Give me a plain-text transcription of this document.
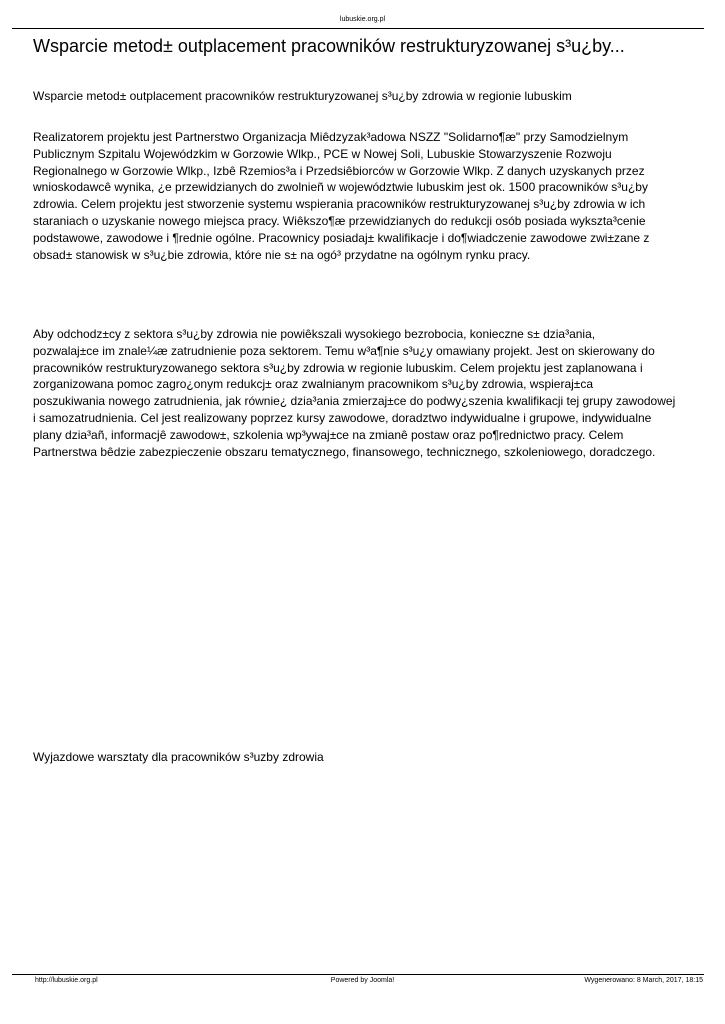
lubuskie.org.pl
Wsparcie metod± outplacement pracowników restrukturyzowanej s³u¿by...

Wsparcie metod± outplacement pracowników restrukturyzowanej s³u¿by zdrowia w regionie lubuskim

Realizatorem projektu jest Partnerstwo Organizacja Miêdzyzak³adowa NSZZ "Solidarno¶æ" przy Samodzielnym
Publicznym Szpitalu Wojewódzkim w Gorzowie Wlkp., PCE w Nowej Soli, Lubuskie Stowarzyszenie Rozwoju
Regionalnego w Gorzowie Wlkp., Izbê Rzemios³a i Przedsiêbiorców w Gorzowie Wlkp. Z danych uzyskanych przez
wnioskodawcê wynika, ¿e przewidzianych do zwolnieñ w województwie lubuskim jest ok. 1500 pracowników s³u¿by
zdrowia. Celem projektu jest stworzenie systemu wspierania pracowników restrukturyzowanej s³u¿by zdrowia w ich
staraniach o uzyskanie nowego miejsca pracy. Wiêkszo¶æ przewidzianych do redukcji osób posiada wykszta³cenie
podstawowe, zawodowe i ¶rednie ogólne. Pracownicy posiadaj± kwalifikacje i do¶wiadczenie zawodowe zwi±zane z
obsad± stanowisk w s³u¿bie zdrowia, które nie s± na ogó³ przydatne na ogólnym rynku pracy.
Aby odchodz±cy z sektora s³u¿by zdrowia nie powiêkszali wysokiego bezrobocia, konieczne s± dzia³ania,
pozwalaj±ce im znale¼æ zatrudnienie poza sektorem. Temu w³a¶nie s³u¿y omawiany projekt. Jest on skierowany do
pracowników restrukturyzowanego sektora s³u¿by zdrowia w regionie lubuskim. Celem projektu jest zaplanowana i
zorganizowana pomoc zagro¿onym redukcj± oraz zwalnianym pracownikom s³u¿by zdrowia, wspieraj±ca
poszukiwania nowego zatrudnienia, jak równie¿ dzia³ania zmierzaj±ce do podwy¿szenia kwalifikacji tej grupy zawodowej
i samozatrudnienia. Cel jest realizowany poprzez kursy zawodowe, doradztwo indywidualne i grupowe, indywidualne
plany dzia³añ, informacjê zawodow±, szkolenia wp³ywaj±ce na zmianê postaw oraz po¶rednictwo pracy. Celem
Partnerstwa bêdzie zabezpieczenie obszaru tematycznego, finansowego, technicznego, szkoleniowego, doradczego.

Wyjazdowe warsztaty dla pracowników s³uzby zdrowia

Powered by Joomla!
http://lubuskie.org.pl	Wygenerowano: 8 March, 2017, 18:15
